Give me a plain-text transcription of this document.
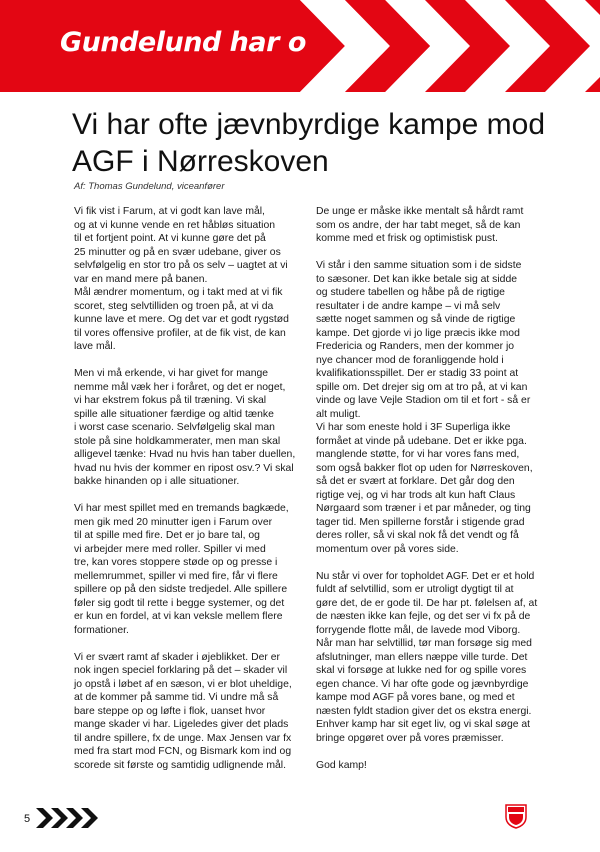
Gundelund har o
Vi har ofte jævnbyrdige kampe mod AGF i Nørreskoven
Af: Thomas Gundelund, viceanfører

Vi fik vist i Farum, at vi godt kan lave mål,
og at vi kunne vende en ret håbløs situation
til et fortjent point. At vi kunne gøre det på
25 minutter og på en svær udebane, giver os
selvfølgelig en stor tro på os selv – uagtet at vi
var en mand mere på banen.
Mål ændrer momentum, og i takt med at vi fik
scoret, steg selvtilliden og troen på, at vi da
kunne lave et mere. Og det var et godt rygstød
til vores offensive profiler, at de fik vist, de kan
lave mål.

Men vi må erkende, vi har givet for mange
nemme mål væk her i foråret, og det er noget,
vi har ekstrem fokus på til træning. Vi skal
spille alle situationer færdige og altid tænke
i worst case scenario. Selvfølgelig skal man
stole på sine holdkammerater, men man skal
alligevel tænke: Hvad nu hvis han taber duellen,
hvad nu hvis der kommer en ripost osv.? Vi skal
bakke hinanden op i alle situationer.

Vi har mest spillet med en tremands bagkæde,
men gik med 20 minutter igen i Farum over
til at spille med fire. Det er jo bare tal, og
vi arbejder mere med roller. Spiller vi med
tre, kan vores stoppere støde op og presse i
mellemrummet, spiller vi med fire, får vi flere
spillere op på den sidste tredjedel. Alle spillere
føler sig godt til rette i begge systemer, og det
er kun en fordel, at vi kan veksle mellem flere
formationer.

Vi er svært ramt af skader i øjeblikket. Der er
nok ingen speciel forklaring på det – skader vil
jo opstå i løbet af en sæson, vi er blot uheldige,
at de kommer på samme tid. Vi undre må så
bare steppe op og løfte i flok, uanset hvor
mange skader vi har. Ligeledes giver det plads
til andre spillere, fx de unge. Max Jensen var fx
med fra start mod FCN, og Bismark kom ind og
scorede sit første og samtidig udlignende mål.

De unge er måske ikke mentalt så hårdt ramt
som os andre, der har tabt meget, så de kan
komme med et frisk og optimistisk pust.

Vi står i den samme situation som i de sidste
to sæsoner. Det kan ikke betale sig at sidde
og studere tabellen og håbe på de rigtige
resultater i de andre kampe – vi må selv
sætte noget sammen og så vinde de rigtige
kampe. Det gjorde vi jo lige præcis ikke mod
Fredericia og Randers, men der kommer jo
nye chancer mod de foranliggende hold i
kvalifikationsspillet. Der er stadig 33 point at
spille om. Det drejer sig om at tro på, at vi kan
vinde og lave Vejle Stadion om til et fort - så er
alt muligt.
Vi har som eneste hold i 3F Superliga ikke
formået at vinde på udebane. Det er ikke pga.
manglende støtte, for vi har vores fans med,
som også bakker flot op uden for Nørreskoven,
så det er svært at forklare. Det går dog den
rigtige vej, og vi har trods alt kun haft Claus
Nørgaard som træner i et par måneder, og ting
tager tid. Men spillerne forstår i stigende grad
deres roller, så vi skal nok få det vendt og få
momentum over på vores side.

Nu står vi over for topholdet AGF. Det er et hold
fuldt af selvtillid, som er utroligt dygtigt til at
gøre det, de er gode til. De har pt. følelsen af, at
de næsten ikke kan fejle, og det ser vi fx på de
forrygende flotte mål, de lavede mod Viborg.
Når man har selvtillid, tør man forsøge sig med
afslutninger, man ellers næppe ville turde. Det
skal vi forsøge at lukke ned for og spille vores
egen chance. Vi har ofte gode og jævnbyrdige
kampe mod AGF på vores bane, og med et
næsten fyldt stadion giver det os ekstra energi.
Enhver kamp har sit eget liv, og vi skal søge at
bringe opgøret over på vores præmisser.

God kamp!

5
